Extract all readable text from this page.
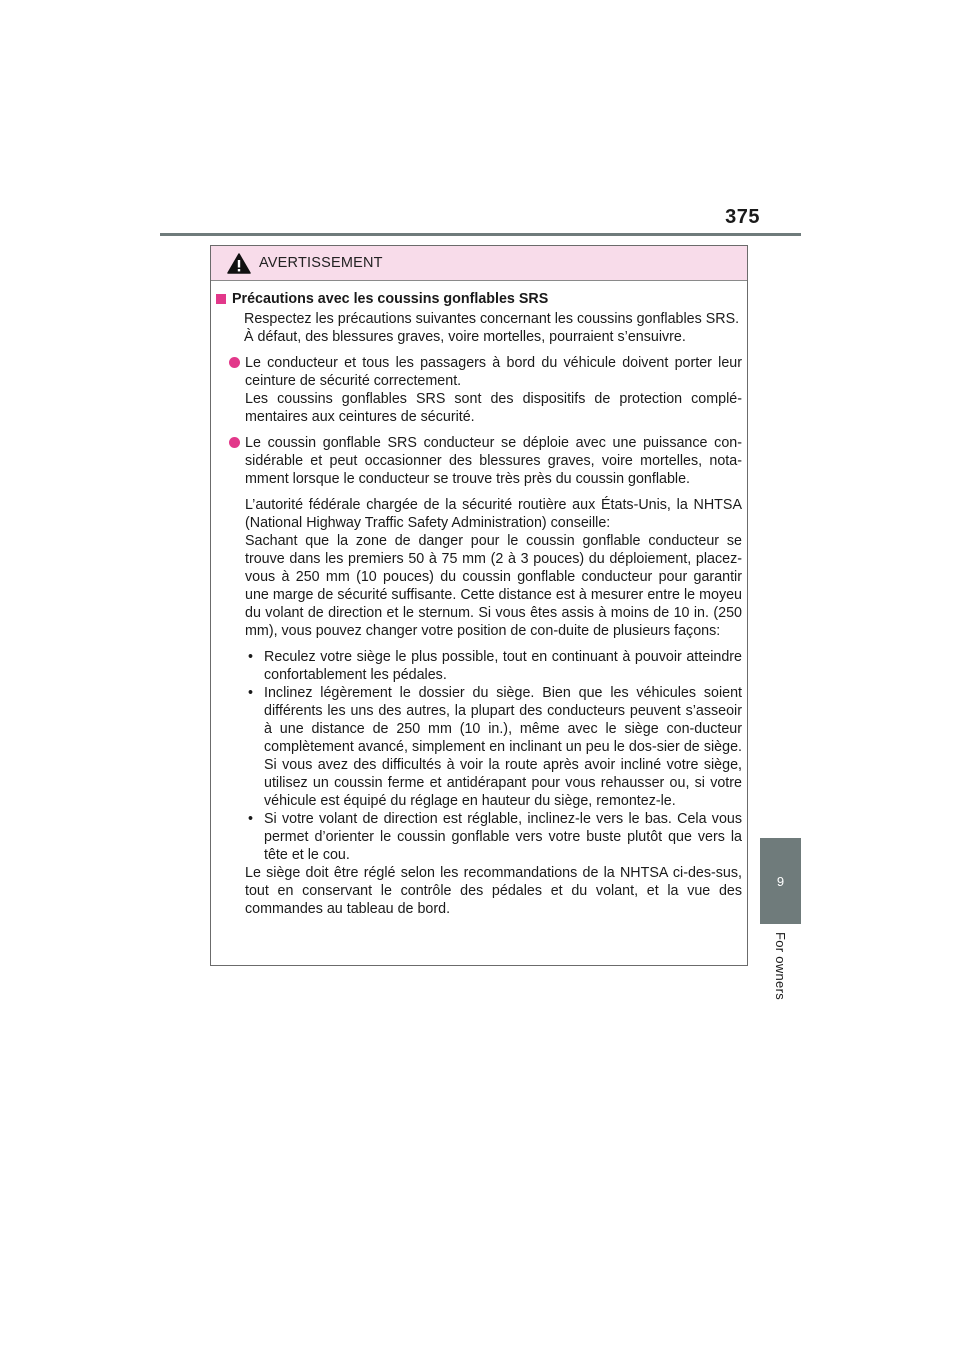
375
9
For owners
AVERTISSEMENT
Précautions avec les coussins gonflables SRS

Respectez les précautions suivantes concernant les coussins gonflables SRS.

À défaut, des blessures graves, voire mortelles, pourraient s’ensuivre.

Le conducteur et tous les passagers à bord du véhicule doivent porter leur ceinture de sécurité correctement.

Les coussins gonflables SRS sont des dispositifs de protection complé-mentaires aux ceintures de sécurité.

Le coussin gonflable SRS conducteur se déploie avec une puissance con-sidérable et peut occasionner des blessures graves, voire mortelles, nota-mment lorsque le conducteur se trouve très près du coussin gonflable.

L’autorité fédérale chargée de la sécurité routière aux États-Unis, la NHTSA (National Highway Traffic Safety Administration) conseille:

Sachant que la zone de danger pour le coussin gonflable conducteur se trouve dans les premiers 50 à 75 mm (2 à 3 pouces) du déploiement, placez-vous à 250 mm (10 pouces) du coussin gonflable conducteur pour garantir une marge de sécurité suffisante. Cette distance est à mesurer entre le moyeu du volant de direction et le sternum. Si vous êtes assis à moins de 10 in. (250 mm), vous pouvez changer votre position de con-duite de plusieurs façons:

• Reculez votre siège le plus possible, tout en continuant à pouvoir atteindre confortablement les pédales.

• Inclinez légèrement le dossier du siège. Bien que les véhicules soient différents les uns des autres, la plupart des conducteurs peuvent s’asseoir à une distance de 250 mm (10 in.), même avec le siège con-ducteur complètement avancé, simplement en inclinant un peu le dos-sier de siège. Si vous avez des difficultés à voir la route après avoir incliné votre siège, utilisez un coussin ferme et antidérapant pour vous rehausser ou, si votre véhicule est équipé du réglage en hauteur du siège, remontez-le.

• Si votre volant de direction est réglable, inclinez-le vers le bas. Cela vous permet d’orienter le coussin gonflable vers votre buste plutôt que vers la tête et le cou.

Le siège doit être réglé selon les recommandations de la NHTSA ci-des-sus, tout en conservant le contrôle des pédales et du volant, et la vue des commandes au tableau de bord.
